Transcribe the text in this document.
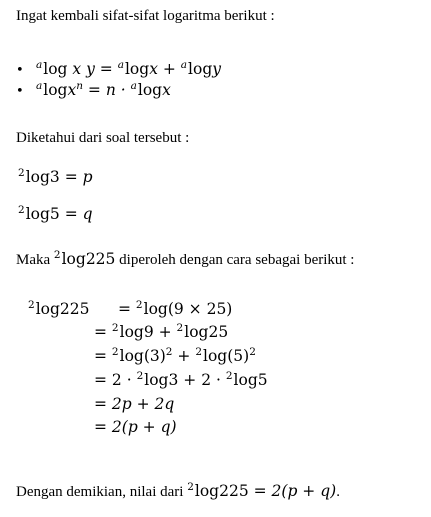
Ingat kembali sifat-sifat logaritma berikut :
• $^a$log x y = $^a$logx + $^a$logy
• $^a$logx$^n$ = n · $^a$logx
Diketahui dari soal tersebut :
$^2$log3 = p
$^2$log5 = q
Maka $^2$log225 diperoleh dengan cara sebagai berikut :
$^2$log225 = $^2$log(9 × 25)
= $^2$log9 + $^2$log25
= $^2\log(3)^2 + ^2\log(5)^2$
= 2 · $^2$log3 + 2 · $^2$log5
= 2p + 2q
= 2(p + q)
Dengan demikian, nilai dari $^2$log225 = 2(p + q).
